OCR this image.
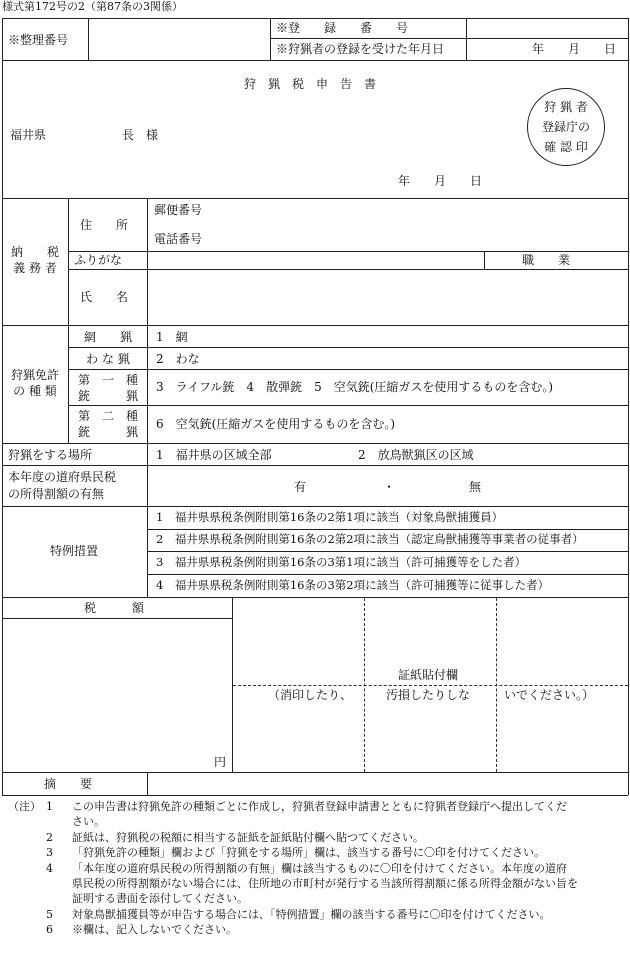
様式第172号の2（第87条の3関係）
※整理番号
※登　　録　　番　　号
※狩猟者の登録を受けた年月日	年　　月　　日
狩　猟　税　申　告　書
福井県	長　様
年　　月　　日
狩 猟 者
登録庁の
確 認 印
納　　税
義 務 者
住　　所
郵便番号
電話番号
ふりがな	職　　業
氏　　名
狩猟免許
の 種 類
網　　猟	1　網
わ な 猟	2　わな
第　一　種
銃　　　猟
3　ライフル銃　4　散弾銃　5　空気銃(圧縮ガスを使用するものを含む。)
第　二　種
銃　　　猟
6　空気銃(圧縮ガスを使用するものを含む。)
狩猟をする場所	1　福井県の区域全部	2　放鳥獣猟区の区域
本年度の道府県民税
の所得割額の有無	有	・	無
特例措置
1　福井県県税条例附則第16条の2第1項に該当（対象鳥獣捕獲員）
2　福井県県税条例附則第16条の2第2項に該当（認定鳥獣捕獲等事業者の従事者）
3　福井県県税条例附則第16条の3第1項に該当（許可捕獲等をした者）
4　福井県県税条例附則第16条の3第2項に該当（許可捕獲等に従事した者）
税　　　額
円
証紙貼付欄
（消印したり、	汚損したりしな	いでください。）
摘　　要
（注） 1 この申告書は狩猟免許の種類ごとに作成し，狩猟者登録申請書とともに狩猟者登録庁へ提出してくだ
さい。
2 証紙は、狩猟税の税額に相当する証紙を証紙貼付欄へ貼つてください。
3 「狩猟免許の種類」欄および「狩猟をする場所」欄は、該当する番号に〇印を付けてください。
4 「本年度の道府県民税の所得割額の有無」欄は該当するものに〇印を付けてください。本年度の道府
県民税の所得割額がない場合には、住所地の市町村が発行する当該所得割額に係る所得金額がない旨を
証明する書面を添付してください。
5 対象鳥獣捕獲員等が申告する場合には、「特例措置」欄の該当する番号に〇印を付けてください。
6 ※欄は、記入しないでください。
